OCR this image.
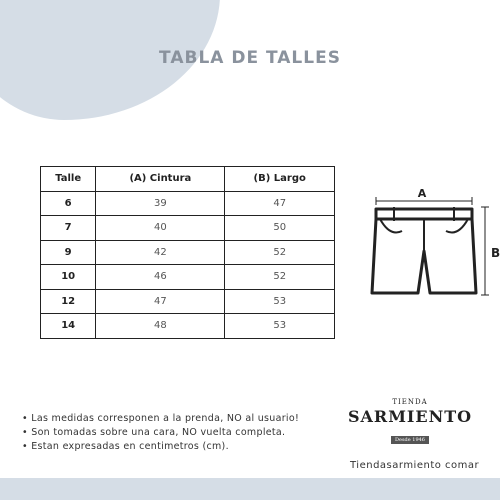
TABLA DE TALLES
Talle	(A) Cintura	(B) Largo
6	39	47
7	40	50
9	42	52
10	46	52
12	47	53
14	48	53
A
B
• Las medidas corresponen a la prenda, NO al usuario!
• Son tomadas sobre una cara, NO vuelta completa.
• Estan expresadas en centimetros (cm).
TIENDA
SARMIENTO
Desde 1946
Tiendasarmiento comar
